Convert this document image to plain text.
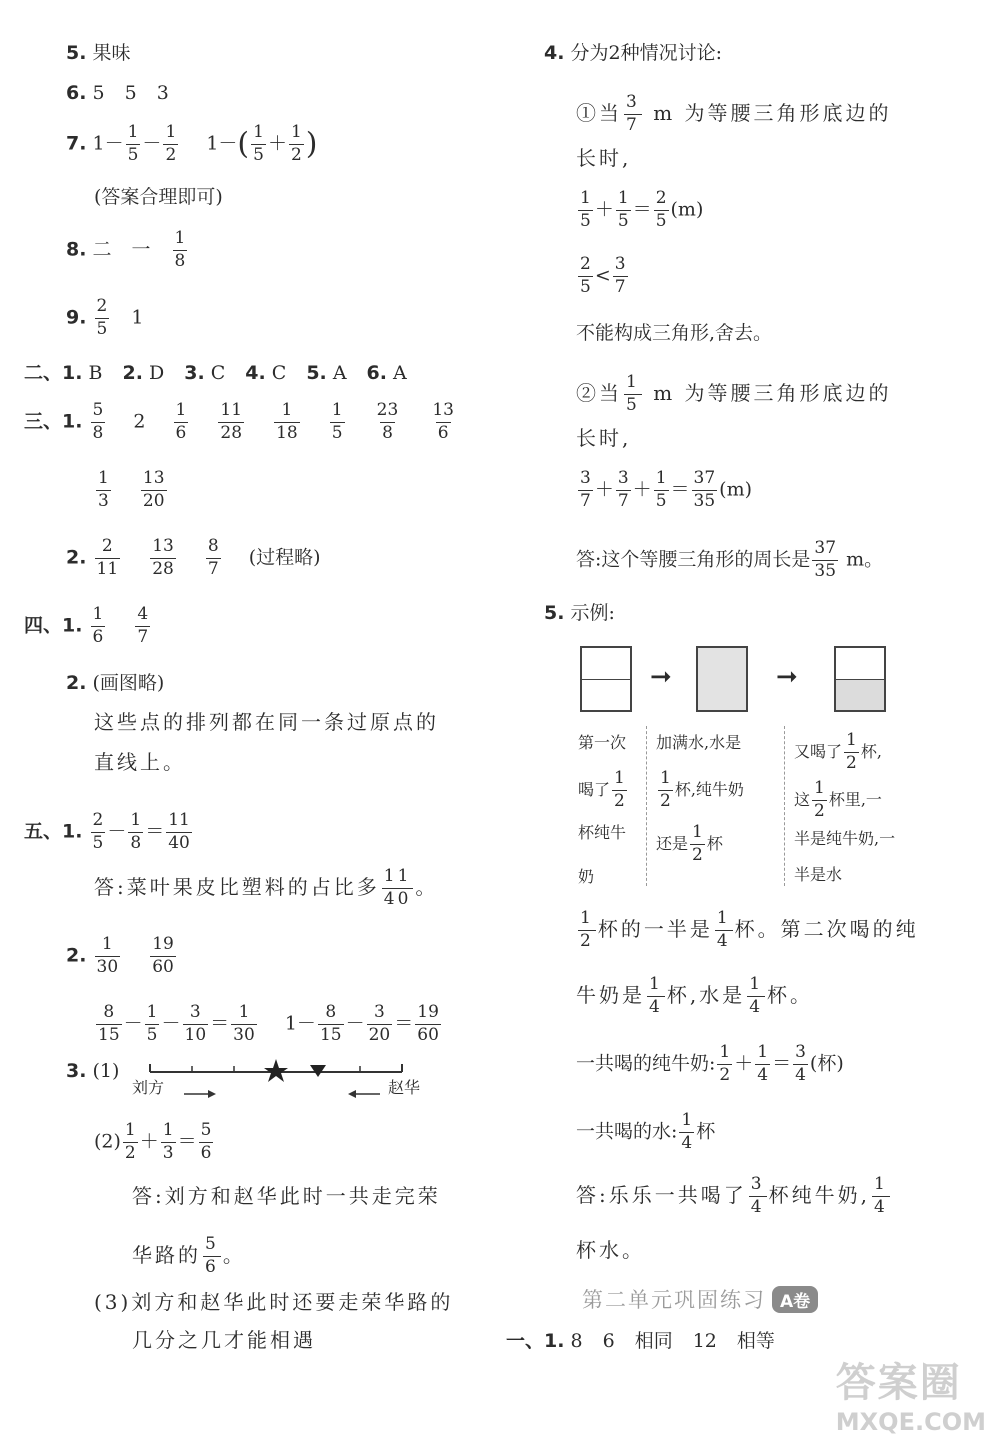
5. 果味
6. 5 5 3
7. $1- \frac{1}{5} - \frac{1}{2} 1-( \frac{1}{5} + \frac{1}{2}$ )
(答案合理即可)
8. 二 一 $\frac{1}{8}$
9. $\frac{2}{5} 1$
二、1. B 2. D 3. C 4. C 5. A 6. A
三、1. $\frac{5}{8} 2 \frac{1}{6}$
$\frac{11}{28}$
$\frac{1}{18}$
$\frac{1}{5}$
$\frac{23}{8}$
$\frac{13}{6}$
$\frac{1}{3}$
$\frac{13}{20}$
2. $\frac{2}{11}$
$\frac{13}{28}$
$\frac{8}{7}$ (过程略)
四、1. $\frac{1}{6}$
$\frac{4}{7}$
2. (画图略)
这些点的排列都在同一条过原点的
直线上。
五、1. $\frac{2}{5} - \frac{1}{8} = \frac{11}{40}$
答:菜叶果皮比塑料的占比多 $\frac{11}{40}$ 。
2. $\frac{1}{30}$
$\frac{19}{60}$
$\frac{8}{15} - \frac{1}{5} - \frac{3}{10} = \frac{1}{30} 1- \frac{8}{15} - \frac{3}{20} = \frac{19}{60}$
3. (1)
刘方	赵华
$(2) \frac{1}{2} + \frac{1}{3} = \frac{5}{6}$
答:刘方和赵华此时一共走完荣
华路的 $\frac{5}{6}$ 。
(3)刘方和赵华此时还要走荣华路的
几分之几才能相遇
4. 分为2种情况讨论:
①当 $\frac{3}{7}$ m 为等腰三角形底边的
长时,
$\frac{1}{5} + \frac{1}{5} = \frac{2}{5} (m)$
$\frac{2}{5} < \frac{3}{7}$
不能构成三角形,舍去。
②当 $\frac{1}{5}$ m 为等腰三角形底边的
长时,
$\frac{3}{7} + \frac{3}{7} + \frac{1}{5} = \frac{37}{35} (m)$
答:这个等腰三角形的周长是 $\frac{37}{35}$ m。
5. 示例:
➞	➞
第一次
喝了 $\frac{1}{2}$
杯纯牛
奶
加满水,水是
$\frac{1}{2}$ 杯,纯牛奶
还是 $\frac{1}{2}$ 杯
又喝了 $\frac{1}{2}$ 杯,
这 $\frac{1}{2}$ 杯里,一
半是纯牛奶,一
半是水
$\frac{1}{2}$ 杯的一半是 $\frac{1}{4}$ 杯。第二次喝的纯
牛奶是 $\frac{1}{4}$ 杯,水是 $\frac{1}{4}$ 杯。
一共喝的纯牛奶: $\frac{1}{2} + \frac{1}{4} = \frac{3}{4}$ (杯)
一共喝的水: $\frac{1}{4}$ 杯
答:乐乐一共喝了 $\frac{3}{4}$ 杯纯牛奶, $\frac{1}{4}$
杯水。
第二单元巩固练习 A卷
一、1. 8 6 相同 12 相等
答案圈
MXQE.COM
